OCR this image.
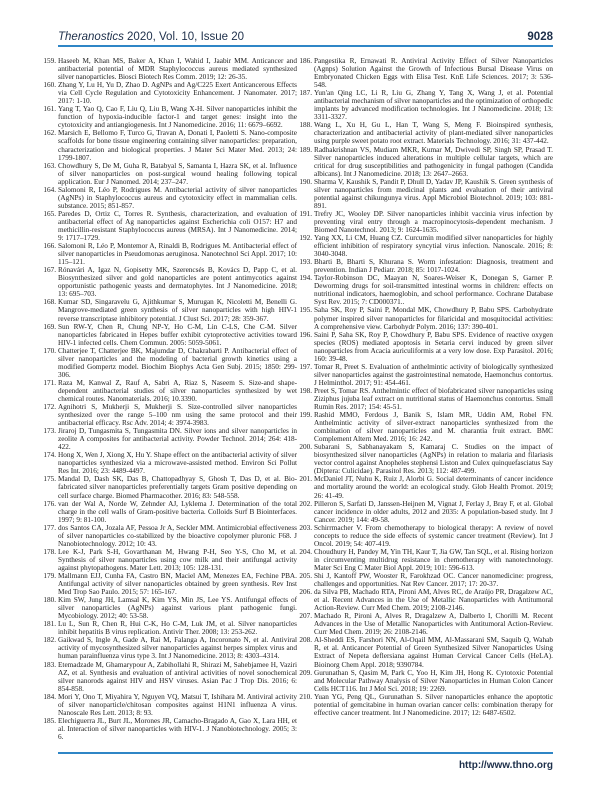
Theranostics 2020, Vol. 10, Issue 20	9028

159. Haseeb M, Khan MS, Baker A, Khan I, Wahid I, Jaabir MM. Anticancer and antibacterial potential of MDR Staphylococcus aureus mediated synthesized silver nanoparticles. Biosci Biotech Res Comm. 2019; 12: 26-35.

160. Zhang Y, Lu H, Yu D, Zhao D. AgNPs and Ag/C225 Exert Anticancerous Effects via Cell Cycle Regulation and Cytotoxicity Enhancement. J Nanomater. 2017; 2017: 1-10.

161. Yang T, Yao Q, Cao F, Liu Q, Liu B, Wang X-H. Silver nanoparticles inhibit the function of hypoxia-inducible factor-1 and target genes: insight into the cytotoxicity and antiangiogenesis. Int J Nanomedicine. 2016; 11: 6679–6692.

162. Marsich E, Bellomo F, Turco G, Travan A, Donati I, Paoletti S. Nano-composite scaffolds for bone tissue engineering containing silver nanoparticles: preparation, characterization and biological properties. J Mater Sci Mater Med. 2013; 24: 1799-1807.

163. Chowdhury S, De M, Guha R, Batabyal S, Samanta I, Hazra SK, et al. Influence of silver nanoparticles on post-surgical wound healing following topical application. Eur J Nanomed. 2014; 237–247.

164. Salomoni R, Léo P, Rodrigues M. Antibacterial activity of silver nanoparticles (AgNPs) in Staphylococcus aureus and cytotoxicity effect in mammalian cells. substance. 2015; 851-857.

165. Paredes D, Ortiz C, Torres R. Synthesis, characterization, and evaluation of antibacterial effect of Ag nanoparticles against Escherichia coli O157: H7 and methicillin-resistant Staphylococcus aureus (MRSA). Int J Nanomedicine. 2014; 9: 1717–1729.

166. Salomoni R, Léo P, Montemor A, Rinaldi B, Rodrigues M. Antibacterial effect of silver nanoparticles in Pseudomonas aeruginosa. Nanotechnol Sci Appl. 2017; 10: 115–121.

167. Rónavári A, Igaz N, Gopisetty MK, Szerencsés B, Kovács D, Papp C, et al. Biosynthesized silver and gold nanoparticles are potent antimycotics against opportunistic pathogenic yeasts and dermatophytes. Int J Nanomedicine. 2018; 13: 695–703.

168. Kumar SD, Singaravelu G, Ajithkumar S, Murugan K, Nicoletti M, Benelli G. Mangrove-mediated green synthesis of silver nanoparticles with high HIV-1 reverse transcriptase inhibitory potential. J Clust Sci. 2017; 28: 359-367.

169. Sun RW-Y, Chen R, Chung NP-Y, Ho C-M, Lin C-LS, Che C-M. Silver nanoparticles fabricated in Hepes buffer exhibit cytoprotective activities toward HIV-1 infected cells. Chem Commun. 2005: 5059-5061.

170. Chatterjee T, Chatterjee BK, Majumdar D, Chakrabarti P. Antibacterial effect of silver nanoparticles and the modeling of bacterial growth kinetics using a modified Gompertz model. Biochim Biophys Acta Gen Subj. 2015; 1850: 299-306.

171. Raza M, Kanwal Z, Rauf A, Sabri A, Riaz S, Naseem S. Size-and shape-dependent antibacterial studies of silver nanoparticles synthesized by wet chemical routes. Nanomaterials. 2016; 10.3390.

172. Agnihotri S, Mukherji S, Mukherji S. Size-controlled silver nanoparticles synthesized over the range 5–100 nm using the same protocol and their antibacterial efficacy. Rsc Adv. 2014; 4: 3974-3983.

173. Jiraroj D, Tungasmita S, Tungasmita DN. Silver ions and silver nanoparticles in zeolite A composites for antibacterial activity. Powder Technol. 2014; 264: 418-422.

174. Hong X, Wen J, Xiong X, Hu Y. Shape effect on the antibacterial activity of silver nanoparticles synthesized via a microwave-assisted method. Environ Sci Pollut Res Int. 2016; 23: 4489-4497.

175. Mandal D, Dash SK, Das B, Chattopadhyay S, Ghosh T, Das D, et al. Bio-fabricated silver nanoparticles preferentially targets Gram positive depending on cell surface charge. Biomed Pharmacother. 2016; 83: 548-558.

176. van der Wal A, Norde W, Zehnder AJ, Lyklema J. Determination of the total charge in the cell walls of Gram-positive bacteria. Colloids Surf B Biointerfaces. 1997; 9: 81-100.

177. dos Santos CA, Jozala AF, Pessoa Jr A, Seckler MM. Antimicrobial effectiveness of silver nanoparticles co-stabilized by the bioactive copolymer pluronic F68. J Nanobiotechnology. 2012; 10: 43.

178. Lee K-J, Park S-H, Govarthanan M, Hwang P-H, Seo Y-S, Cho M, et al. Synthesis of silver nanoparticles using cow milk and their antifungal activity against phytopathogens. Mater Lett. 2013; 105: 128-131.

179. Mallmann EJJ, Cunha FA, Castro BN, Maciel AM, Menezes EA, Fechine PBA. Antifungal activity of silver nanoparticles obtained by green synthesis. Rev Inst Med Trop Sao Paulo. 2015; 57: 165-167.

180. Kim SW, Jung JH, Lamsal K, Kim YS, Min JS, Lee YS. Antifungal effects of silver nanoparticles (AgNPs) against various plant pathogenic fungi. Mycobiology. 2012; 40: 53-58.

181. Lu L, Sun R, Chen R, Hui C-K, Ho C-M, Luk JM, et al. Silver nanoparticles inhibit hepatitis B virus replication. Antivir Ther. 2008; 13: 253-262.

182. Gaikwad S, Ingle A, Gade A, Rai M, Falanga A, Incoronato N, et al. Antiviral activity of mycosynthesized silver nanoparticles against herpes simplex virus and human parainfluenza virus type 3. Int J Nanomedicine. 2013; 8: 4303–4314.

183. Etemadzade M, Ghamarypour A, Zabihollahi R, Shirazi M, Sahebjamee H, Vaziri AZ, et al. Synthesis and evaluation of antiviral activities of novel sonochemical silver nanorods against HIV and HSV viruses. Asian Pac J Trop Dis. 2016; 6: 854-858.

184. Mori Y, Ono T, Miyahira Y, Nguyen VQ, Matsui T, Ishihara M. Antiviral activity of silver nanoparticle/chitosan composites against H1N1 influenza A virus. Nanoscale Res Lett. 2013; 8: 93.

185. Elechiguerra JL, Burt JL, Morones JR, Camacho-Bragado A, Gao X, Lara HH, et al. Interaction of silver nanoparticles with HIV-1. J Nanobiotechnology. 2005; 3: 6.

186. Pangestika R, Ernawati R. Antiviral Activity Effect of Silver Nanoparticles (Agnps) Solution Against the Growth of Infectious Bursal Disease Virus on Embryonated Chicken Eggs with Elisa Test. KnE Life Sciences. 2017; 3: 536-548.

187. Yun'an Qing LC, Li R, Liu G, Zhang Y, Tang X, Wang J, et al. Potential antibacterial mechanism of silver nanoparticles and the optimization of orthopedic implants by advanced modification technologies. Int J Nanomedicine. 2018; 13: 3311-3327.

188. Wang L, Xu H, Gu L, Han T, Wang S, Meng F. Bioinspired synthesis, characterization and antibacterial activity of plant-mediated silver nanoparticles using purple sweet potato root extract. Materials Technology. 2016; 31: 437-442.

189. Radhakrishnan VS, Mudiam MKR, Kumar M, Dwivedi SP, Singh SP, Prasad T. Silver nanoparticles induced alterations in multiple cellular targets, which are critical for drug susceptibilities and pathogenicity in fungal pathogen (Candida albicans). Int J Nanomedicine. 2018; 13: 2647–2663.

190. Sharma V, Kaushik S, Pandit P, Dhull D, Yadav JP, Kaushik S. Green synthesis of silver nanoparticles from medicinal plants and evaluation of their antiviral potential against chikungunya virus. Appl Microbiol Biotechnol. 2019; 103: 881-891.

191. Trefry JC, Wooley DP. Silver nanoparticles inhibit vaccinia virus infection by preventing viral entry through a macropinocytosis-dependent mechanism. J Biomed Nanotechnol. 2013; 9: 1624-1635.

192. Yang XX, Li CM, Huang CZ. Curcumin modified silver nanoparticles for highly efficient inhibition of respiratory syncytial virus infection. Nanoscale. 2016; 8: 3040-3048.

193. Bharti B, Bharti S, Khurana S. Worm infestation: Diagnosis, treatment and prevention. Indian J Pediatr. 2018; 85: 1017-1024.

194. Taylor-Robinson DC, Maayan N, Soares-Weiser K, Donegan S, Garner P. Deworming drugs for soil-transmitted intestinal worms in children: effects on nutritional indicators, haemoglobin, and school performance. Cochrane Database Syst Rev. 2015; 7: CD000371..

195. Saha SK, Roy P, Saini P, Mondal MK, Chowdhury P, Babu SPS. Carbohydrate polymer inspired silver nanoparticles for filaricidal and mosquitocidal activities: A comprehensive view. Carbohydr Polym. 2016; 137: 390-401.

196. Saini P, Saha SK, Roy P, Chowdhury P, Babu SPS. Evidence of reactive oxygen species (ROS) mediated apoptosis in Setaria cervi induced by green silver nanoparticles from Acacia auriculiformis at a very low dose. Exp Parasitol. 2016; 160: 39-48.

197. Tomar R, Preet S. Evaluation of anthelmintic activity of biologically synthesized silver nanoparticles against the gastrointestinal nematode, Haemonchus contortus. J Helminthol. 2017; 91: 454-461.

198. Preet S, Tomar RS. Anthelmintic effect of biofabricated silver nanoparticles using Ziziphus jujuba leaf extract on nutritional status of Haemonchus contortus. Small Rumin Res. 2017; 154: 45-51.

199. Rashid MMO, Ferdous J, Banik S, Islam MR, Uddin AM, Robel FN. Anthelmintic activity of silver-extract nanoparticles synthesized from the combination of silver nanoparticles and M. charantia fruit extract. BMC Complement Altern Med. 2016; 16: 242.

200. Subarani S, Sabhanayakam S, Kamaraj C. Studies on the impact of biosynthesized silver nanoparticles (AgNPs) in relation to malaria and filariasis vector control against Anopheles stephensi Liston and Culex quinquefasciatus Say (Diptera: Culicidae). Parasitol Res. 2013; 112: 487-499.

201. McDaniel JT, Nuhu K, Ruiz J, Alorbi G. Social determinants of cancer incidence and mortality around the world: an ecological study. Glob Health Promot. 2019; 26: 41-49.

202. Pilleron S, Sarfati D, Janssen-Heijnen M, Vignat J, Ferlay J, Bray F, et al. Global cancer incidence in older adults, 2012 and 2035: A population-based study. Int J Cancer. 2019; 144: 49-58.

203. Schirrmacher V. From chemotherapy to biological therapy: A review of novel concepts to reduce the side effects of systemic cancer treatment (Review). Int J Oncol. 2019; 54: 407-419.

204. Choudhury H, Pandey M, Yin TH, Kaur T, Jia GW, Tan SQL, et al. Rising horizon in circumventing multidrug resistance in chemotherapy with nanotechnology. Mater Sci Eng C Mater Biol Appl. 2019; 101: 596-613.

205. Shi J, Kantoff PW, Wooster R, Farokhzad OC. Cancer nanomedicine: progress, challenges and opportunities. Nat Rev Cancer. 2017; 17: 20-37.

206. da Silva PB, Machado RTA, Pironi AM, Alves RC, de Araújo PR, Dragalzew AC, et al. Recent Advances in the Use of Metallic Nanoparticles with Antitumoral Action-Review. Curr Med Chem. 2019; 2108-2146.

207. Machado R, Pironi A, Alves R, Dragalzew A, Dalberto I, Chorilli M. Recent Advances in the Use of Metallic Nanoparticles with Antitumoral Action-Review. Curr Med Chem. 2019; 26: 2108-2146.

208. Al-Sheddi ES, Farshori NN, Al-Oqail MM, Al-Massarani SM, Saquib Q, Wahab R, et al. Anticancer Potential of Green Synthesized Silver Nanoparticles Using Extract of Nepeta deflersiana against Human Cervical Cancer Cells (HeLA). Bioinorg Chem Appl. 2018; 9390784.

209. Gurunathan S, Qasim M, Park C, Yoo H, Kim JH, Hong K. Cytotoxic Potential and Molecular Pathway Analysis of Silver Nanoparticles in Human Colon Cancer Cells HCT116. Int J Mol Sci. 2018; 19: 2269.

210. Yuan YG, Peng QL, Gurunathan S. Silver nanoparticles enhance the apoptotic potential of gemcitabine in human ovarian cancer cells: combination therapy for effective cancer treatment. Int J Nanomedicine. 2017; 12: 6487-6502.

http://www.thno.org
